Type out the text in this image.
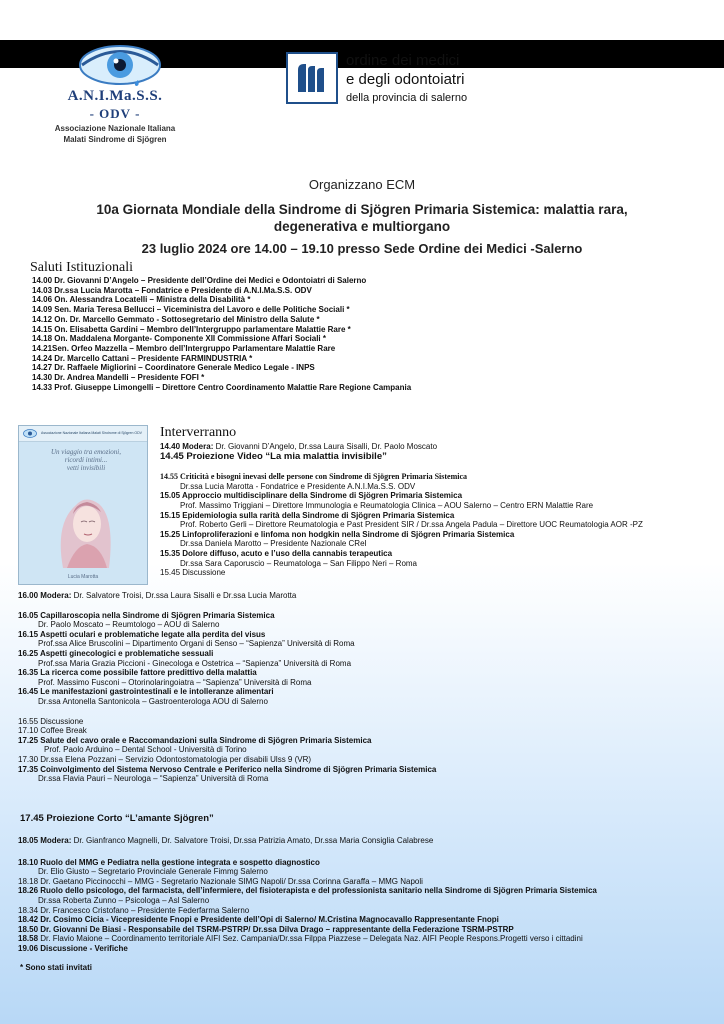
A.N.I.Ma.S.S.
- ODV -
Associazione Nazionale Italiana
Malati Sindrome di Sjögren
ordine dei medici
e degli odontoiatri
della provincia di salerno
Organizzano ECM
10a Giornata Mondiale della Sindrome di Sjögren Primaria Sistemica: malattia rara, degenerativa e multiorgano
23 luglio 2024 ore 14.00 – 19.10 presso Sede Ordine dei Medici -Salerno
Saluti Istituzionali
14.00 Dr. Giovanni D’Angelo – Presidente dell’Ordine dei Medici e Odontoiatri di Salerno
14.03 Dr.ssa Lucia Marotta – Fondatrice e Presidente di A.N.I.Ma.S.S. ODV
14.06 On. Alessandra Locatelli – Ministra della Disabilità *
14.09 Sen. Maria Teresa Bellucci – Viceministra del Lavoro e delle Politiche Sociali *
14.12 On. Dr. Marcello Gemmato - Sottosegretario del Ministro della Salute *
14.15 On. Elisabetta Gardini – Membro dell’Intergruppo parlamentare Malattie Rare *
14.18 On. Maddalena Morgante- Componente XII Commissione Affari Sociali *
14.21Sen. Orfeo Mazzella – Membro dell’Intergruppo Parlamentare Malattie Rare
14.24 Dr. Marcello Cattani – Presidente FARMINDUSTRIA *
14.27 Dr. Raffaele Migliorini – Coordinatore Generale Medico Legale - INPS
14.30 Dr. Andrea Mandelli – Presidente FOFI *
14.33 Prof. Giuseppe Limongelli – Direttore Centro Coordinamento Malattie Rare Regione Campania
Associazione Nazionale Italiana Malati Sindrome di Sjögren ODV
Un viaggio tra emozioni,
ricordi intimi...
vetti invisibili
Lucia Marotta
Interverranno
14.40 Modera: Dr. Giovanni D’Angelo, Dr.ssa Laura Sisalli, Dr. Paolo Moscato
14.45 Proiezione Video “La mia malattia invisibile”
14.55 Criticità e bisogni inevasi delle persone con Sindrome di Sjögren Primaria Sistemica
Dr.ssa Lucia Marotta - Fondatrice e Presidente A.N.I.Ma.S.S. ODV
15.05 Approccio multidisciplinare della Sindrome di Sjögren Primaria Sistemica
Prof. Massimo Triggiani – Direttore Immunologia e Reumatologia Clinica – AOU Salerno – Centro ERN Malattie Rare
15.15 Epidemiologia sulla rarità della Sindrome di Sjögren Primaria Sistemica
Prof. Roberto Gerli – Direttore Reumatologia e Past President SIR / Dr.ssa Angela Padula – Direttore UOC Reumatologia AOR -PZ
15.25 Linfoproliferazioni e linfoma non hodgkin nella Sindrome di Sjögren Primaria Sistemica
Dr.ssa Daniela Marotto – Presidente Nazionale CReI
15.35 Dolore diffuso, acuto e l’uso della cannabis terapeutica
Dr.ssa Sara Caporuscio – Reumatologa – San Filippo Neri – Roma
15.45 Discussione
16.00 Modera: Dr. Salvatore Troisi, Dr.ssa Laura Sisalli e Dr.ssa Lucia Marotta
16.05 Capillaroscopia nella Sindrome di Sjögren Primaria Sistemica
Dr. Paolo Moscato – Reumtologo – AOU di Salerno
16.15 Aspetti oculari e problematiche legate alla perdita del visus
Prof.ssa Alice Bruscolini – Dipartimento Organi di Senso – “Sapienza” Università di Roma
16.25 Aspetti ginecologici e problematiche sessuali
Prof.ssa Maria Grazia Piccioni - Ginecologa e Ostetrica – “Sapienza” Università di Roma
16.35 La ricerca come possibile fattore predittivo della malattia
Prof. Massimo Fusconi – Otorinolaringoiatra – “Sapienza” Università di Roma
16.45 Le manifestazioni gastrointestinali e le intolleranze alimentari
Dr.ssa Antonella Santonicola – Gastroenterologa AOU di Salerno
16.55 Discussione
17.10 Coffee Break
17.25 Salute del cavo orale e Raccomandazioni sulla Sindrome di Sjögren Primaria Sistemica
Prof. Paolo Arduino – Dental School - Università di Torino
17.30 Dr.ssa Elena Pozzani – Servizio Odontostomatologia per disabili Ulss 9 (VR)
17.35 Coinvolgimento del Sistema Nervoso Centrale e Periferico nella Sindrome di Sjögren Primaria Sistemica
Dr.ssa Flavia Pauri – Neurologa – “Sapienza” Università di Roma
17.45 Proiezione Corto “L’amante Sjögren”
18.05 Modera: Dr. Gianfranco Magnelli, Dr. Salvatore Troisi, Dr.ssa Patrizia Amato, Dr.ssa Maria Consiglia Calabrese
18.10 Ruolo del MMG e Pediatra nella gestione integrata e sospetto diagnostico
Dr. Elio Giusto – Segretario Provinciale Generale Fimmg Salerno
18.18 Dr. Gaetano Piccinocchi – MMG - Segretario Nazionale SIMG Napoli/ Dr.ssa Corinna Garaffa – MMG Napoli
18.26 Ruolo dello psicologo, del farmacista, dell’infermiere, del fisioterapista e del professionista sanitario nella Sindrome di Sjögren Primaria Sistemica
Dr.ssa Roberta Zunno – Psicologa – Asl Salerno
18.34 Dr. Francesco Cristofano – Presidente Federfarma Salerno
18.42 Dr. Cosimo Cicia - Vicepresidente Fnopi e Presidente dell’Opi di Salerno/ M.Cristina Magnocavallo Rappresentante Fnopi
18.50 Dr. Giovanni De Biasi - Responsabile del TSRM-PSTRP/ Dr.ssa Dilva Drago – rappresentante della Federazione TSRM-PSTRP
18.58 Dr. Flavio Maione – Coordinamento territoriale AIFI Sez. Campania/Dr.ssa Filppa Piazzese – Delegata Naz. AIFI People Respons.Progetti verso i cittadini
19.06 Discussione - Verifiche
* Sono stati invitati
